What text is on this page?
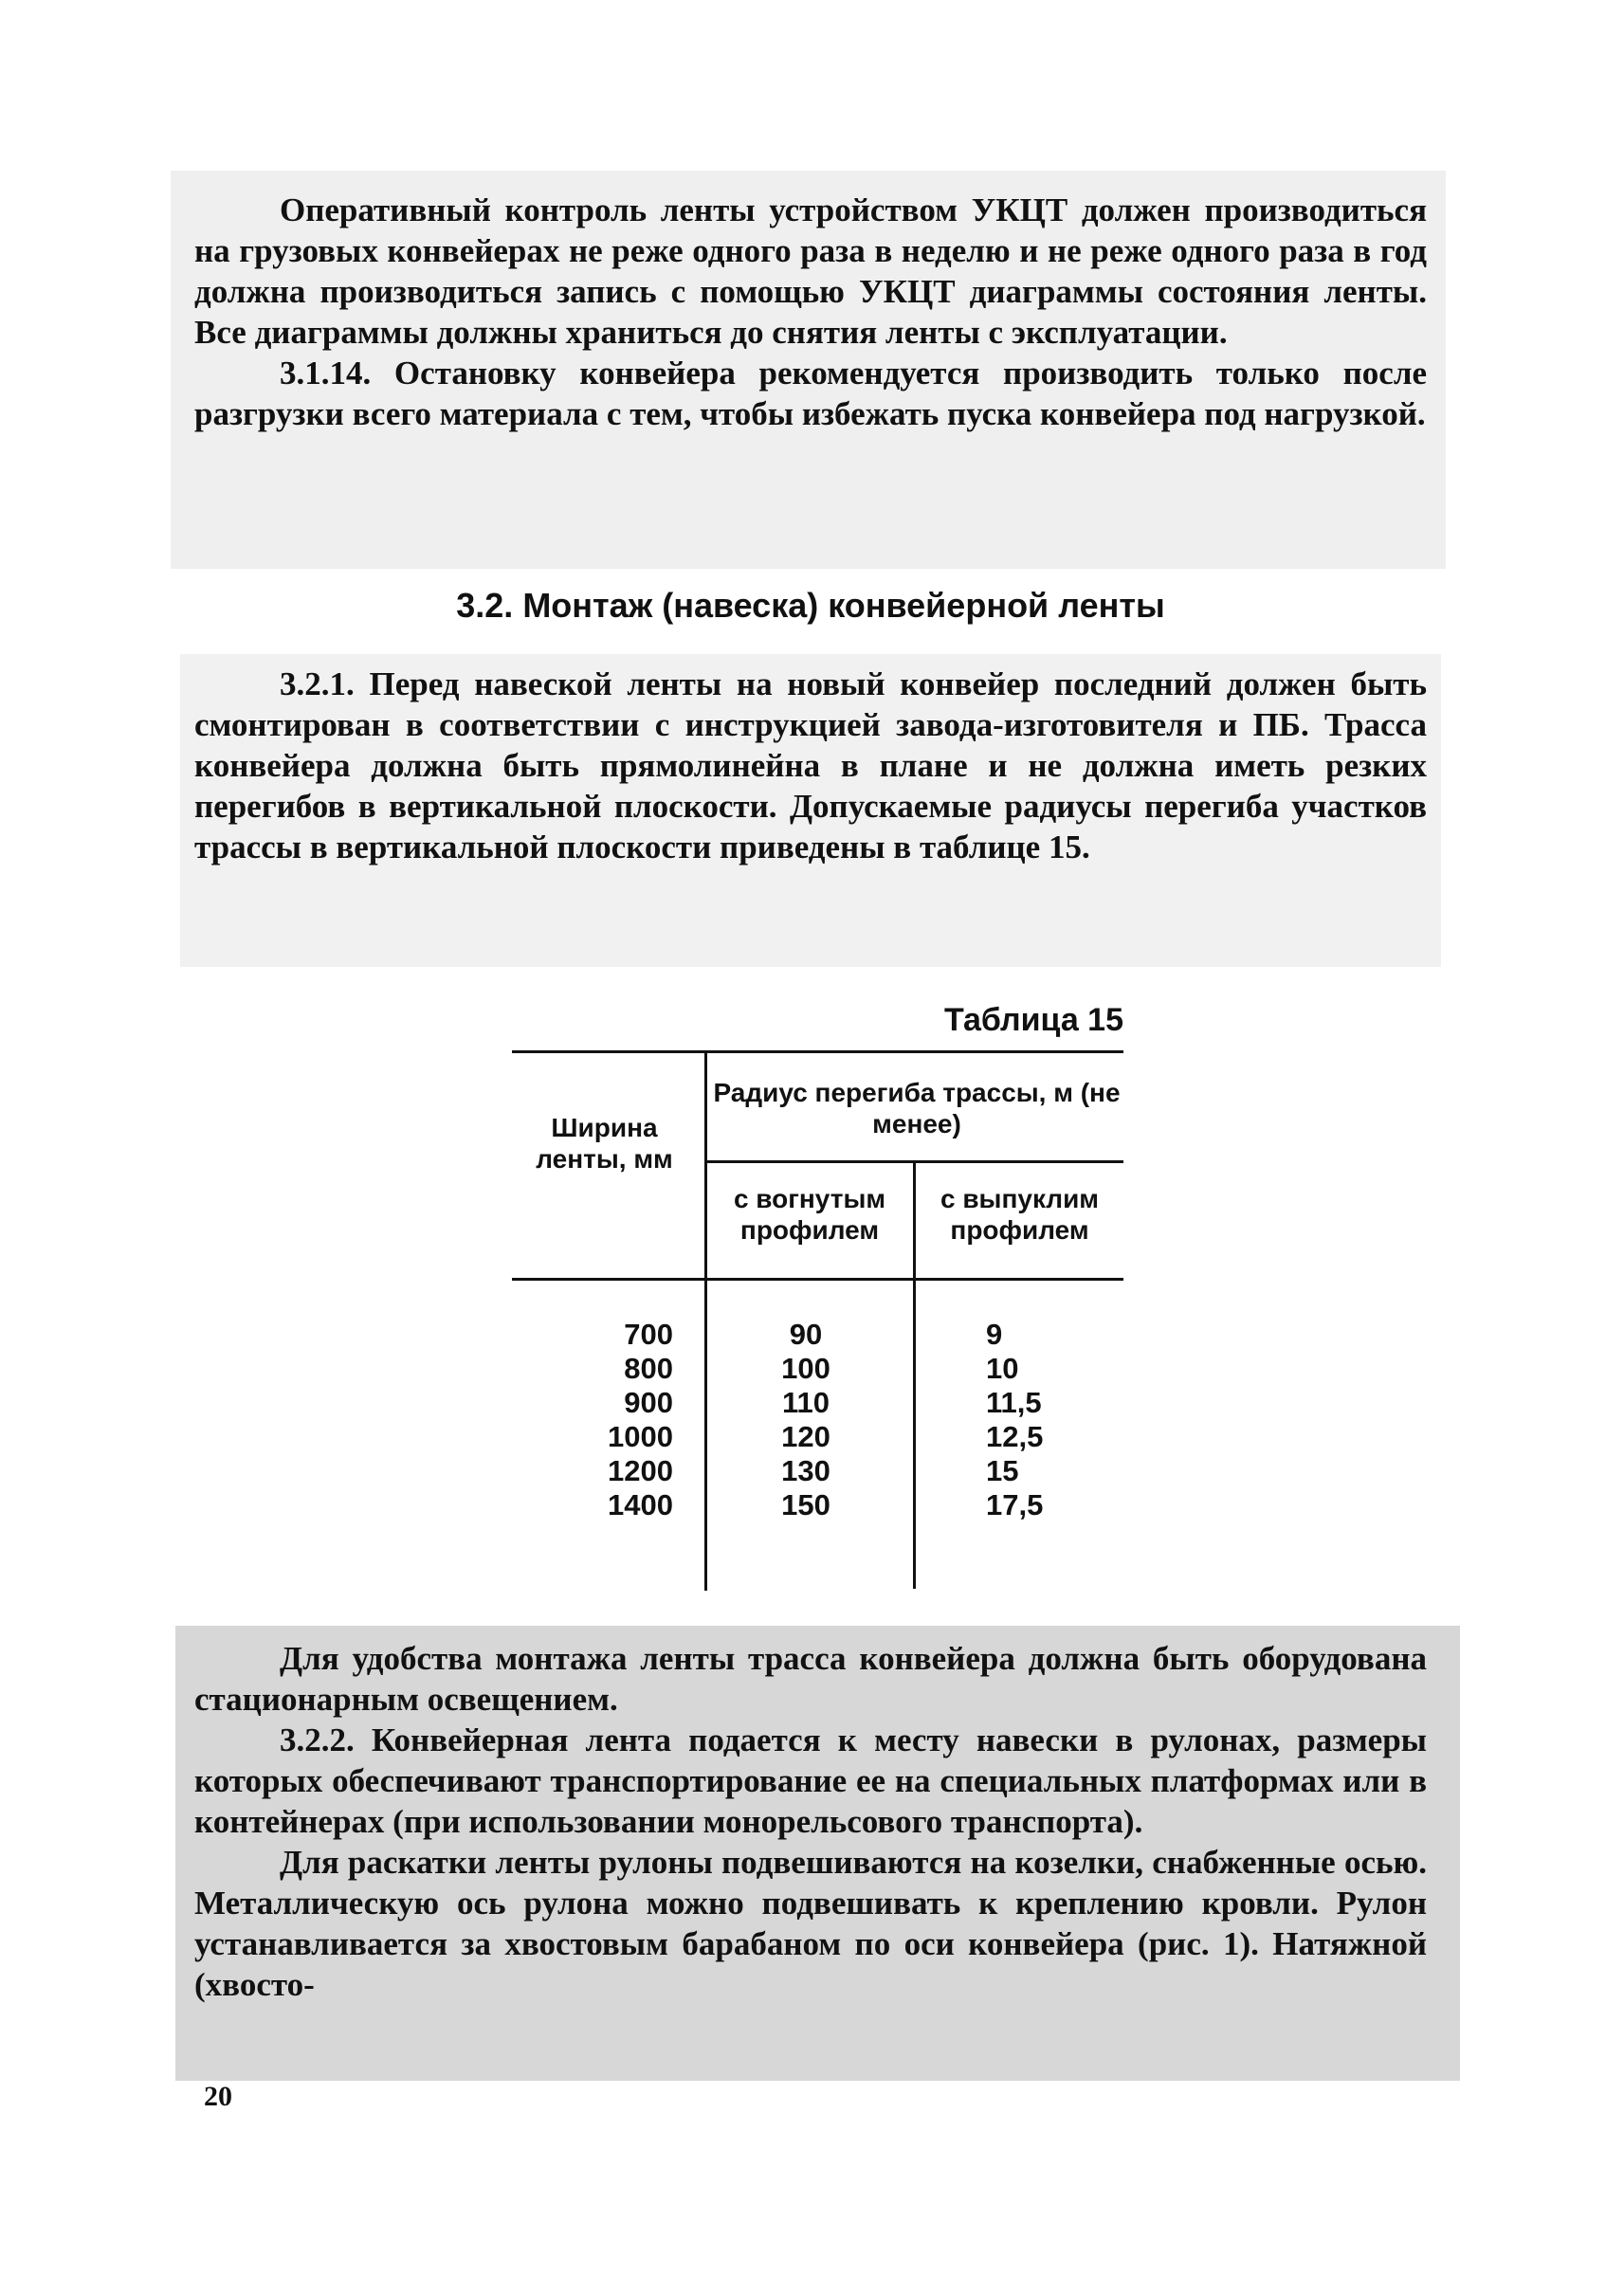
Оперативный контроль ленты устройством УКЦТ должен производиться на грузовых конвейерах не реже одного раза в неделю и не реже одного раза в год должна производиться запись с помощью УКЦТ диаграммы состояния ленты. Все диаграммы должны храниться до снятия ленты с эксплуатации.

3.1.14. Остановку конвейера рекомендуется производить только после разгрузки всего материала с тем, чтобы избежать пуска конвейера под нагрузкой.

3.2. Монтаж (навеска) конвейерной ленты

3.2.1. Перед навеской ленты на новый конвейер последний должен быть смонтирован в соответствии с инструкцией завода-изготовителя и ПБ. Трасса конвейера должна быть прямолинейна в плане и не должна иметь резких перегибов в вертикальной плоскости. Допускаемые радиусы перегиба участков трассы в вертикальной плоскости приведены в таблице 15.

Таблица 15
Ширина ленты, мм
Радиус перегиба трассы, м (не менее)
с вогнутым профилем
с выпуклим профилем
700
800
900
1000
1200
1400
90
100
110
120
130
150
9
10
11,5
12,5
15
17,5

Для удобства монтажа ленты трасса конвейера должна быть оборудована стационарным освещением.

3.2.2. Конвейерная лента подается к месту навески в рулонах, размеры которых обеспечивают транспортирование ее на специальных платформах или в контейнерах (при использовании монорельсового транспорта).

Для раскатки ленты рулоны подвешиваются на козелки, снабженные осью. Металлическую ось рулона можно подвешивать к креплению кровли. Рулон устанавливается за хвостовым барабаном по оси конвейера (рис. 1). Натяжной (хвосто-

20
